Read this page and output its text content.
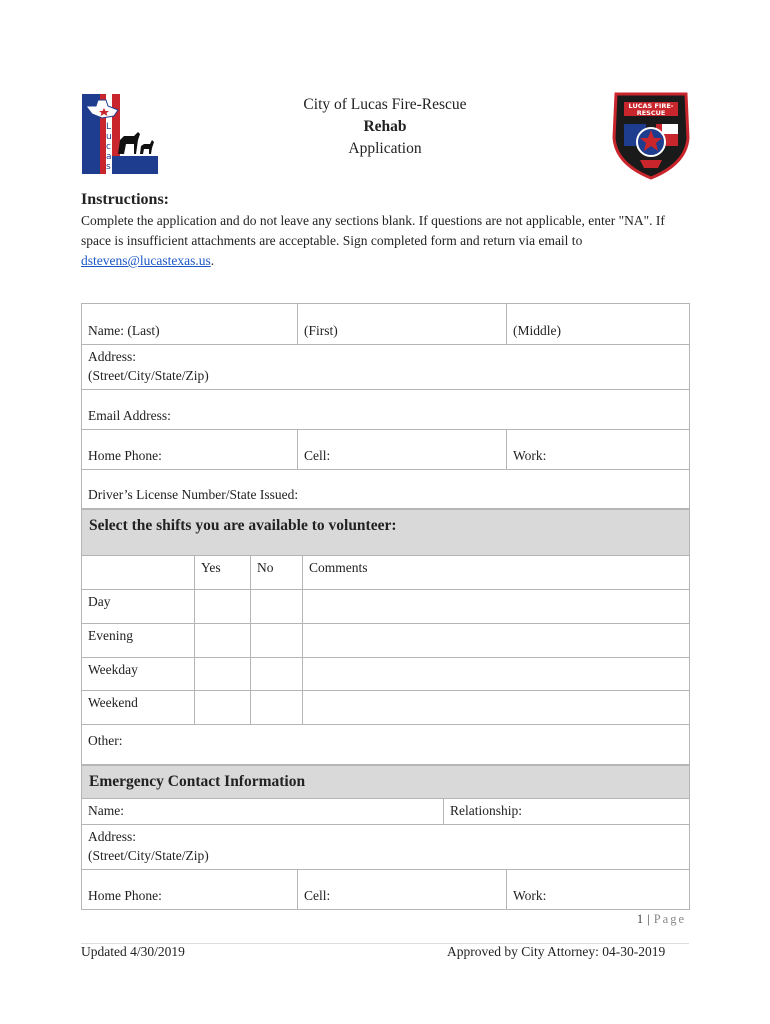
Lucas
City of Lucas Fire-Rescue
Rehab
Application
LUCAS FIRE-RESCUE
Instructions:
Complete the application and do not leave any sections blank. If questions are not applicable, enter "NA". If space is insufficient attachments are acceptable. Sign completed form and return via email to dstevens@lucastexas.us.
Name: (Last)	(First)	(Middle)

Address:
(Street/City/State/Zip)		

Email Address:		
Home Phone:	Cell:	Work:
Driver’s License Number/State Issued:		
Select the shifts you are available to volunteer:			
	Yes	No	Comments
Day			
Evening			
Weekday			
Weekend			
Other:			
Emergency Contact Information			
Name:		Relationship:	

Address:
(Street/City/State/Zip)			

Home Phone:	Cell:		Work:
1 | Page
Updated 4/30/2019	Approved by City Attorney: 04-30-2019
